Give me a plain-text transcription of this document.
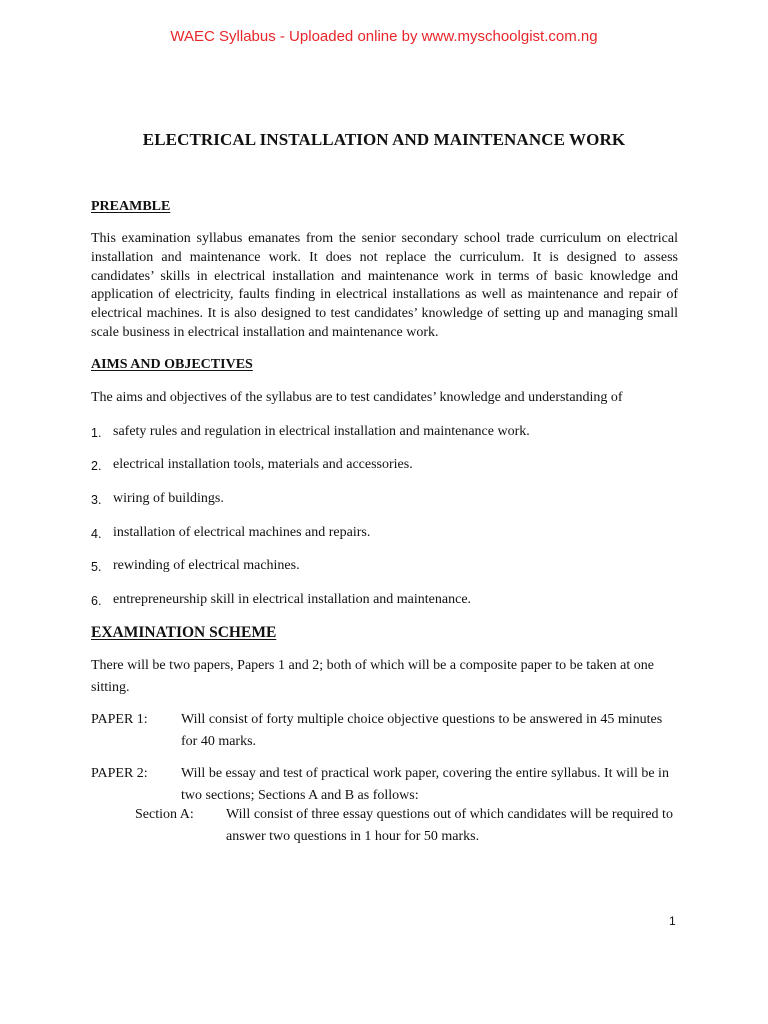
WAEC Syllabus - Uploaded online by www.myschoolgist.com.ng
ELECTRICAL INSTALLATION AND MAINTENANCE WORK
PREAMBLE
This examination syllabus emanates from the senior secondary school trade curriculum on electrical installation and maintenance work. It does not replace the curriculum. It is designed to assess candidates’ skills in electrical installation and maintenance work in terms of basic knowledge and application of electricity, faults finding in electrical installations as well as maintenance and repair of electrical machines. It is also designed to test candidates’ knowledge of setting up and managing small scale business in electrical installation and maintenance work.
AIMS AND OBJECTIVES
The aims and objectives of the syllabus are to test candidates’ knowledge and understanding of
1. safety rules and regulation in electrical installation and maintenance work.
2. electrical installation tools, materials and accessories.
3. wiring of buildings.
4. installation of electrical machines and repairs.
5. rewinding of electrical machines.
6. entrepreneurship skill in electrical installation and maintenance.
EXAMINATION SCHEME
There will be two papers, Papers 1 and 2; both of which will be a composite paper to be taken at one sitting.
PAPER 1:	Will consist of forty multiple choice objective questions to be answered in 45 minutes for 40 marks.
PAPER 2:	Will be essay and test of practical work paper, covering the entire syllabus. It will be in two sections; Sections A and B as follows:
Section A:	Will consist of three essay questions out of which candidates will be required to answer two questions in 1 hour for 50 marks.
1
